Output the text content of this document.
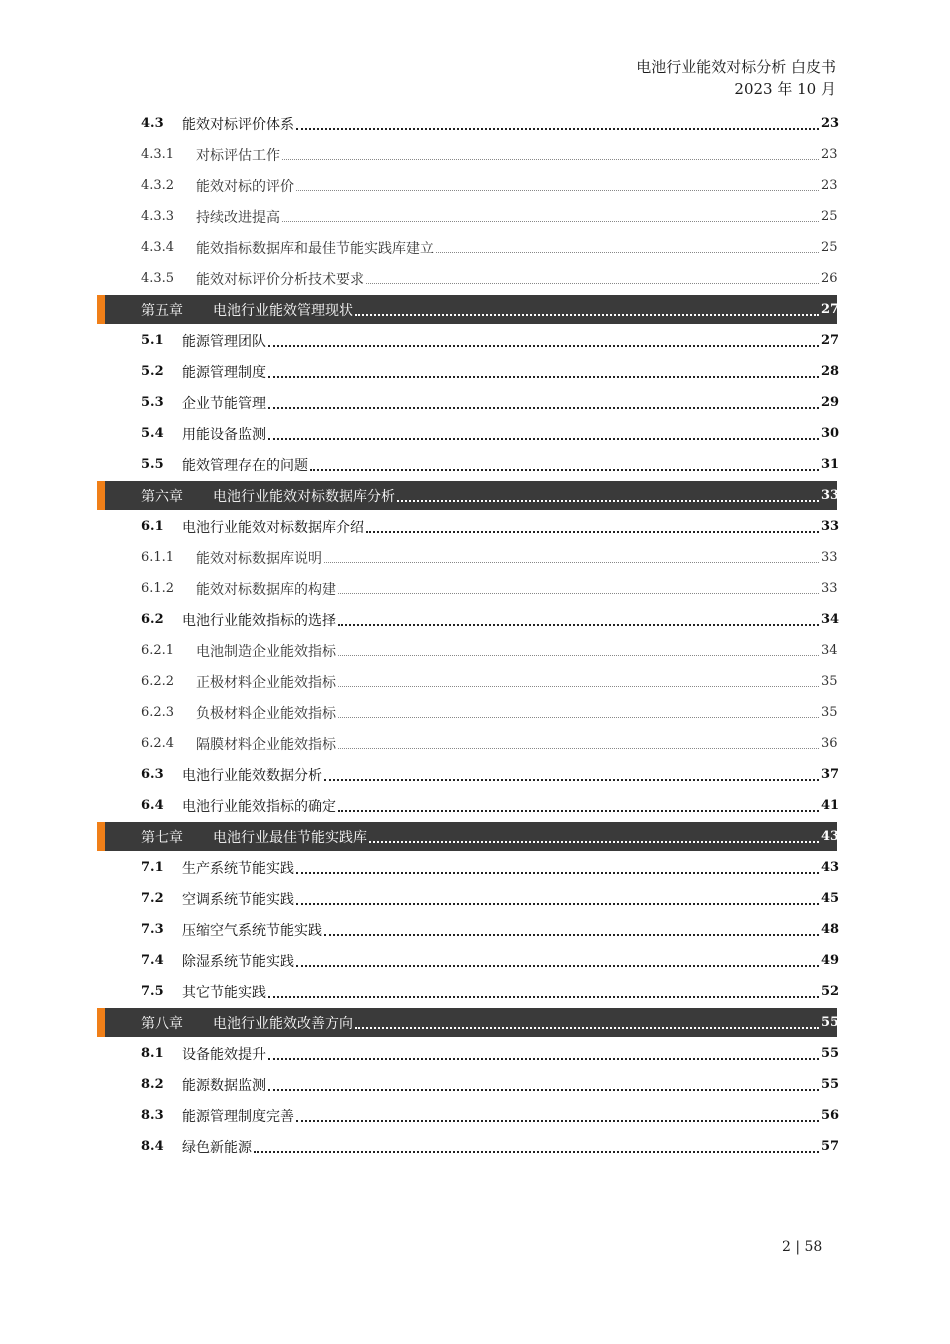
电池行业能效对标分析 白皮书
2023 年 10 月
4.3	能效对标评价体系	23
4.3.1	对标评估工作	23
4.3.2	能效对标的评价	23
4.3.3	持续改进提高	25
4.3.4	能效指标数据库和最佳节能实践库建立	25
4.3.5	能效对标评价分析技术要求	26
第五章	电池行业能效管理现状	27
5.1	能源管理团队	27
5.2	能源管理制度	28
5.3	企业节能管理	29
5.4	用能设备监测	30
5.5	能效管理存在的问题	31
第六章	电池行业能效对标数据库分析	33
6.1	电池行业能效对标数据库介绍	33
6.1.1	能效对标数据库说明	33
6.1.2	能效对标数据库的构建	33
6.2	电池行业能效指标的选择	34
6.2.1	电池制造企业能效指标	34
6.2.2	正极材料企业能效指标	35
6.2.3	负极材料企业能效指标	35
6.2.4	隔膜材料企业能效指标	36
6.3	电池行业能效数据分析	37
6.4	电池行业能效指标的确定	41
第七章	电池行业最佳节能实践库	43
7.1	生产系统节能实践	43
7.2	空调系统节能实践	45
7.3	压缩空气系统节能实践	48
7.4	除湿系统节能实践	49
7.5	其它节能实践	52
第八章	电池行业能效改善方向	55
8.1	设备能效提升	55
8.2	能源数据监测	55
8.3	能源管理制度完善	56
8.4	绿色新能源	57
2 | 58
